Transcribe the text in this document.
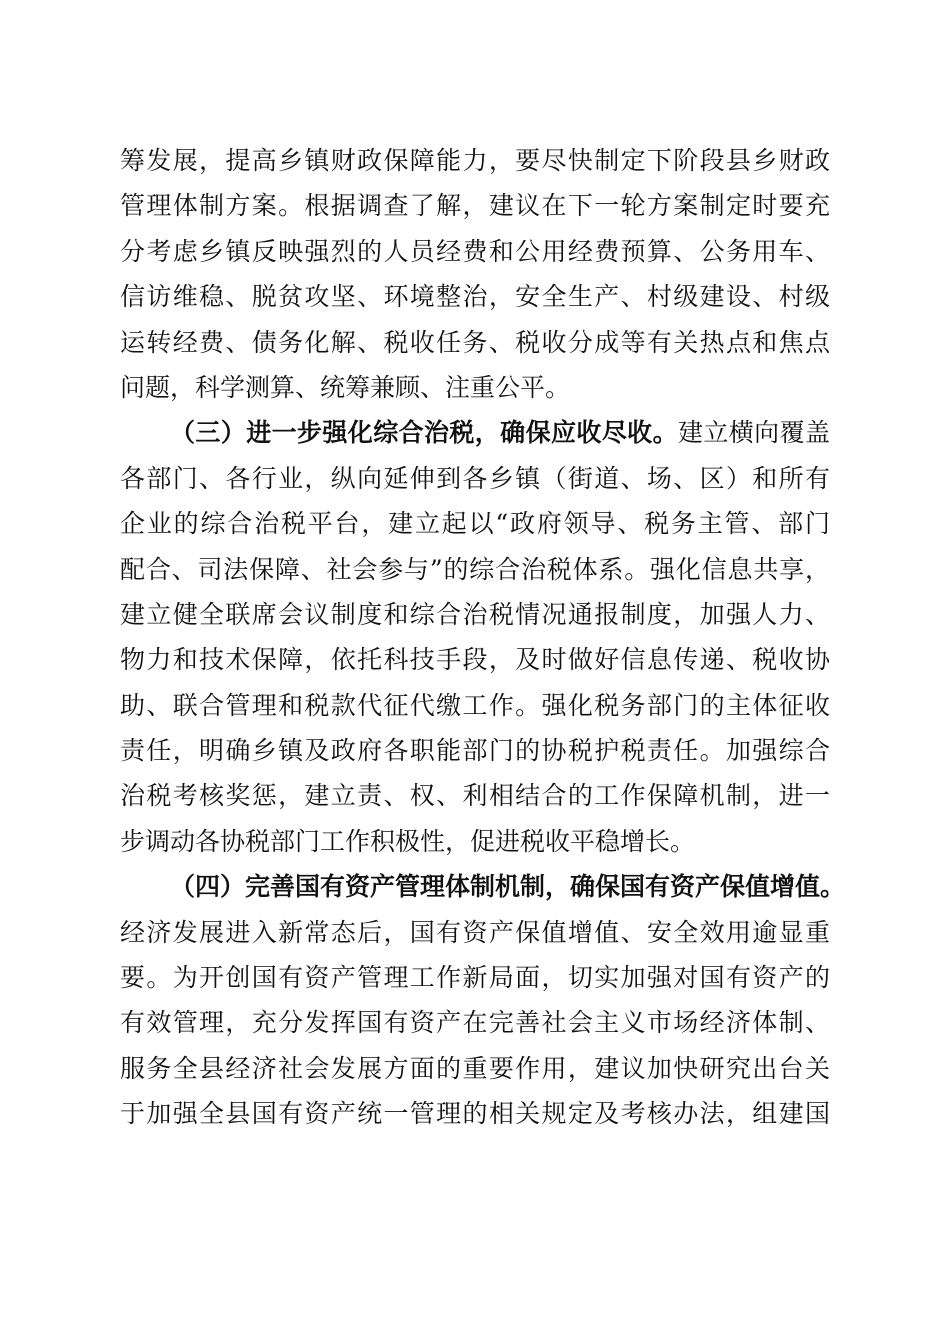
筹发展，提高乡镇财政保障能力，要尽快制定下阶段县乡财政
管理体制方案。根据调查了解，建议在下一轮方案制定时要充
分考虑乡镇反映强烈的人员经费和公用经费预算、公务用车、
信访维稳、脱贫攻坚、环境整治，安全生产、村级建设、村级
运转经费、债务化解、税收任务、税收分成等有关热点和焦点
问题，科学测算、统筹兼顾、注重公平。
（三）进一步强化综合治税，确保应收尽收。建立横向覆盖
各部门、各行业，纵向延伸到各乡镇（街道、场、区）和所有
企业的综合治税平台，建立起以“政府领导、税务主管、部门
配合、司法保障、社会参与”的综合治税体系。强化信息共享，
建立健全联席会议制度和综合治税情况通报制度，加强人力、
物力和技术保障，依托科技手段，及时做好信息传递、税收协
助、联合管理和税款代征代缴工作。强化税务部门的主体征收
责任，明确乡镇及政府各职能部门的协税护税责任。加强综合
治税考核奖惩，建立责、权、利相结合的工作保障机制，进一
步调动各协税部门工作积极性，促进税收平稳增长。
（四）完善国有资产管理体制机制，确保国有资产保值增值。
经济发展进入新常态后，国有资产保值增值、安全效用逾显重
要。为开创国有资产管理工作新局面，切实加强对国有资产的
有效管理，充分发挥国有资产在完善社会主义市场经济体制、
服务全县经济社会发展方面的重要作用，建议加快研究出台关
于加强全县国有资产统一管理的相关规定及考核办法，组建国
